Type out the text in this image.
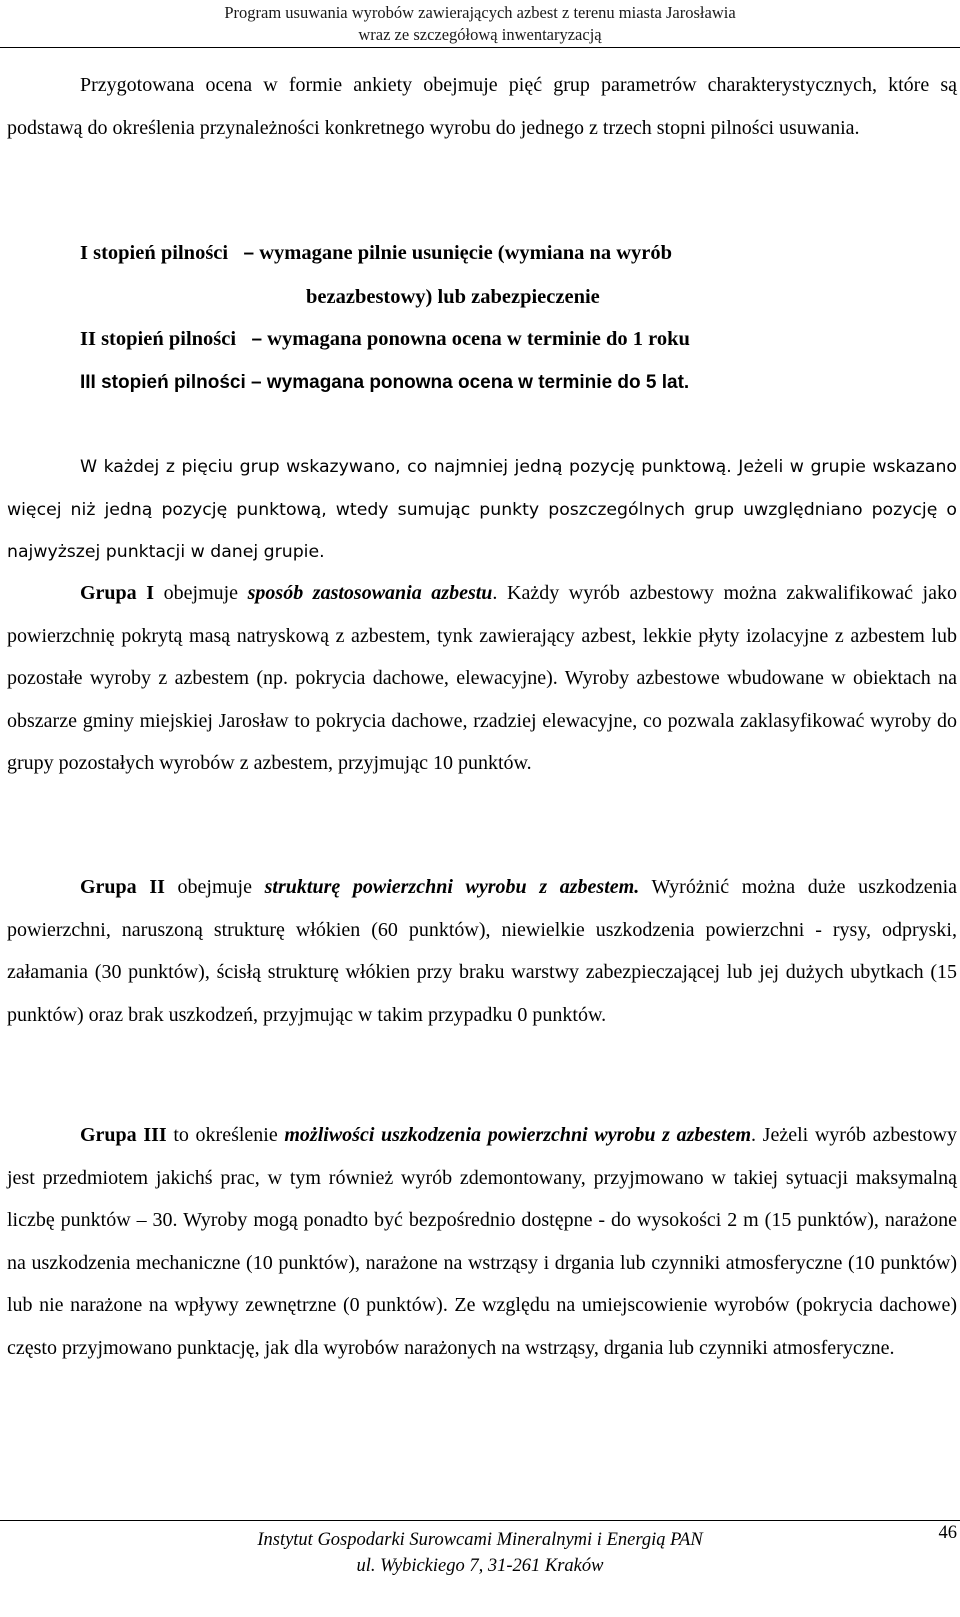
Program usuwania wyrobów zawierających azbest z terenu miasta Jarosławia
wraz ze szczegółową inwentaryzacją

Przygotowana ocena w formie ankiety obejmuje pięć grup parametrów charakterystycznych, które są podstawą do określenia przynależności konkretnego wyrobu do jednego z trzech stopni pilności usuwania.

I stopień pilności – wymagane pilnie usunięcie (wymiana na wyrób
bezazbestowy) lub zabezpieczenie
II stopień pilności – wymagana ponowna ocena w terminie do 1 roku
III stopień pilności – wymagana ponowna ocena w terminie do 5 lat.

W każdej z pięciu grup wskazywano, co najmniej jedną pozycję punktową. Jeżeli w grupie wskazano więcej niż jedną pozycję punktową, wtedy sumując punkty poszczególnych grup uwzględniano pozycję o najwyższej punktacji w danej grupie.

Grupa I obejmuje sposób zastosowania azbestu. Każdy wyrób azbestowy można zakwalifikować jako powierzchnię pokrytą masą natryskową z azbestem, tynk zawierający azbest, lekkie płyty izolacyjne z azbestem lub pozostałe wyroby z azbestem (np. pokrycia dachowe, elewacyjne). Wyroby azbestowe wbudowane w obiektach na obszarze gminy miejskiej Jarosław to pokrycia dachowe, rzadziej elewacyjne, co pozwala zaklasyfikować wyroby do grupy pozostałych wyrobów z azbestem, przyjmując 10 punktów.

Grupa II obejmuje strukturę powierzchni wyrobu z azbestem. Wyróżnić można duże uszkodzenia powierzchni, naruszoną strukturę włókien (60 punktów), niewielkie uszkodzenia powierzchni - rysy, odpryski, załamania (30 punktów), ścisłą strukturę włókien przy braku warstwy zabezpieczającej lub jej dużych ubytkach (15 punktów) oraz brak uszkodzeń, przyjmując w takim przypadku 0 punktów.

Grupa III to określenie możliwości uszkodzenia powierzchni wyrobu z azbestem. Jeżeli wyrób azbestowy jest przedmiotem jakichś prac, w tym również wyrób zdemontowany, przyjmowano w takiej sytuacji maksymalną liczbę punktów – 30. Wyroby mogą ponadto być bezpośrednio dostępne - do wysokości 2 m (15 punktów), narażone na uszkodzenia mechaniczne (10 punktów), narażone na wstrząsy i drgania lub czynniki atmosferyczne (10 punktów) lub nie narażone na wpływy zewnętrzne (0 punktów). Ze względu na umiejscowienie wyrobów (pokrycia dachowe) często przyjmowano punktację, jak dla wyrobów narażonych na wstrząsy, drgania lub czynniki atmosferyczne.

Instytut Gospodarki Surowcami Mineralnymi i Energią PAN
ul. Wybickiego 7, 31-261 Kraków
46
